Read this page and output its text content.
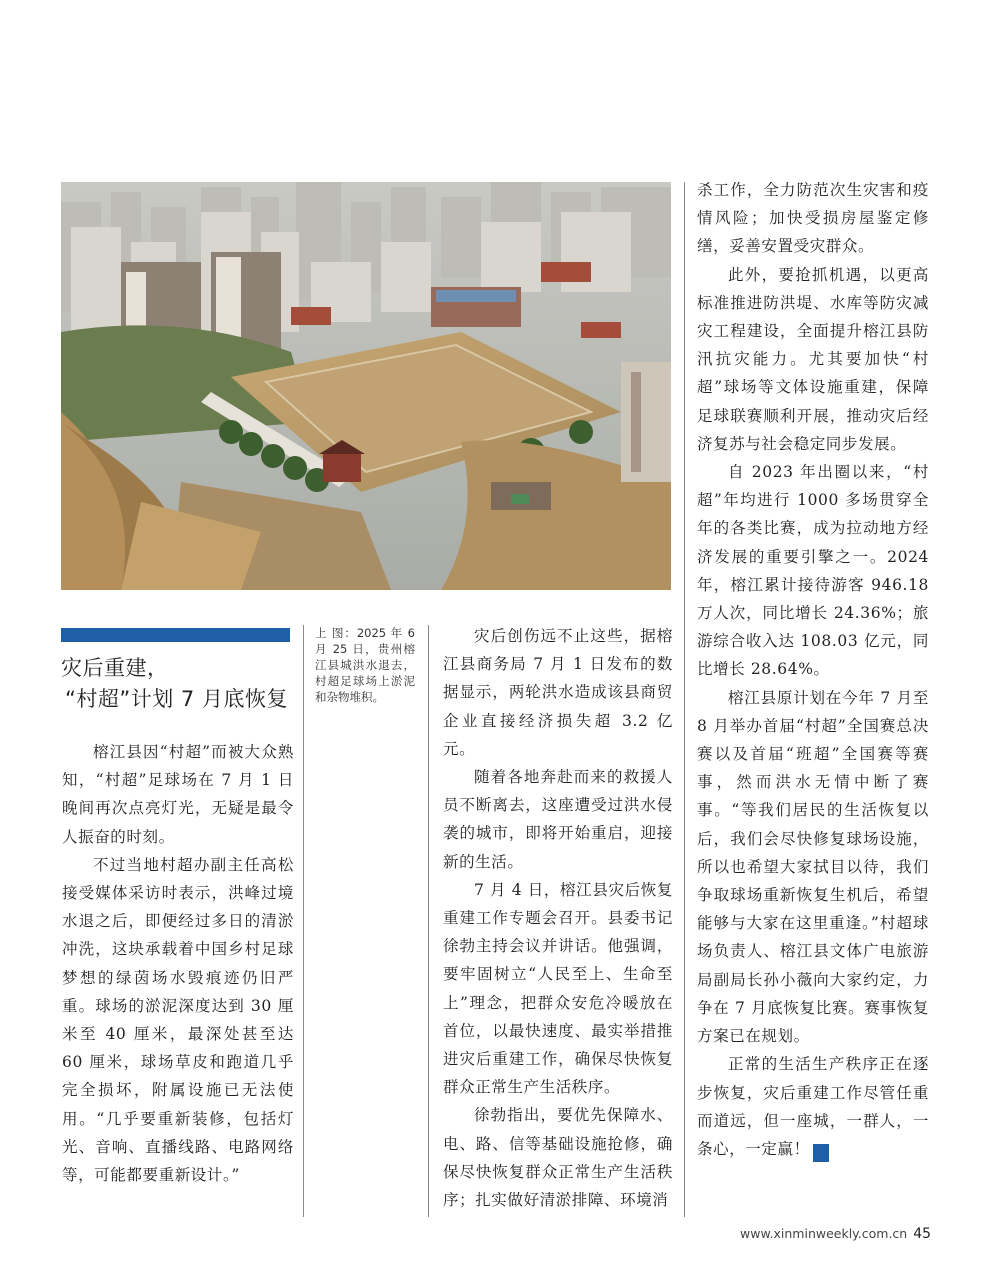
灾后重建，
“村超”计划 7 月底恢复
上 图：2025 年 6 月 25 日，贵州榕江县城洪水退去，村超足球场上淤泥和杂物堆积。

榕江县因“村超”而被大众熟知，“村超”足球场在 7 月 1 日晚间再次点亮灯光，无疑是最令人振奋的时刻。

不过当地村超办副主任高松接受媒体采访时表示，洪峰过境水退之后，即便经过多日的清淤冲洗，这块承载着中国乡村足球梦想的绿茵场水毁痕迹仍旧严重。球场的淤泥深度达到 30 厘米至 40 厘米，最深处甚至达 60 厘米，球场草皮和跑道几乎完全损坏，附属设施已无法使用。“几乎要重新装修，包括灯光、音响、直播线路、电路网络等，可能都要重新设计。”

灾后创伤远不止这些，据榕江县商务局 7 月 1 日发布的数据显示，两轮洪水造成该县商贸企业直接经济损失超 3.2 亿元。

随着各地奔赴而来的救援人员不断离去，这座遭受过洪水侵袭的城市，即将开始重启，迎接新的生活。

7 月 4 日，榕江县灾后恢复重建工作专题会召开。县委书记徐勃主持会议并讲话。他强调，要牢固树立“人民至上、生命至上”理念，把群众安危冷暖放在首位，以最快速度、最实举措推进灾后重建工作，确保尽快恢复群众正常生产生活秩序。

徐勃指出，要优先保障水、电、路、信等基础设施抢修，确保尽快恢复群众正常生产生活秩序；扎实做好清淤排障、环境消

杀工作，全力防范次生灾害和疫情风险；加快受损房屋鉴定修缮，妥善安置受灾群众。

此外，要抢抓机遇，以更高标准推进防洪堤、水库等防灾减灾工程建设，全面提升榕江县防汛抗灾能力。尤其要加快“村超”球场等文体设施重建，保障足球联赛顺利开展，推动灾后经济复苏与社会稳定同步发展。

自 2023 年出圈以来，“村超”年均进行 1000 多场贯穿全年的各类比赛，成为拉动地方经济发展的重要引擎之一。2024 年，榕江累计接待游客 946.18 万人次，同比增长 24.36%；旅游综合收入达 108.03 亿元，同比增长 28.64%。

榕江县原计划在今年 7 月至 8 月举办首届“村超”全国赛总决赛以及首届“班超”全国赛等赛事，然而洪水无情中断了赛事。“等我们居民的生活恢复以后，我们会尽快修复球场设施，所以也希望大家拭目以待，我们争取球场重新恢复生机后，希望能够与大家在这里重逢。”村超球场负责人、榕江县文体广电旅游局副局长孙小薇向大家约定，力争在 7 月底恢复比赛。赛事恢复方案已在规划。

正常的生活生产秩序正在逐步恢复，灾后重建工作尽管任重而道远，但一座城，一群人，一条心，一定赢！	民

www.xinminweekly.com.cn 45
